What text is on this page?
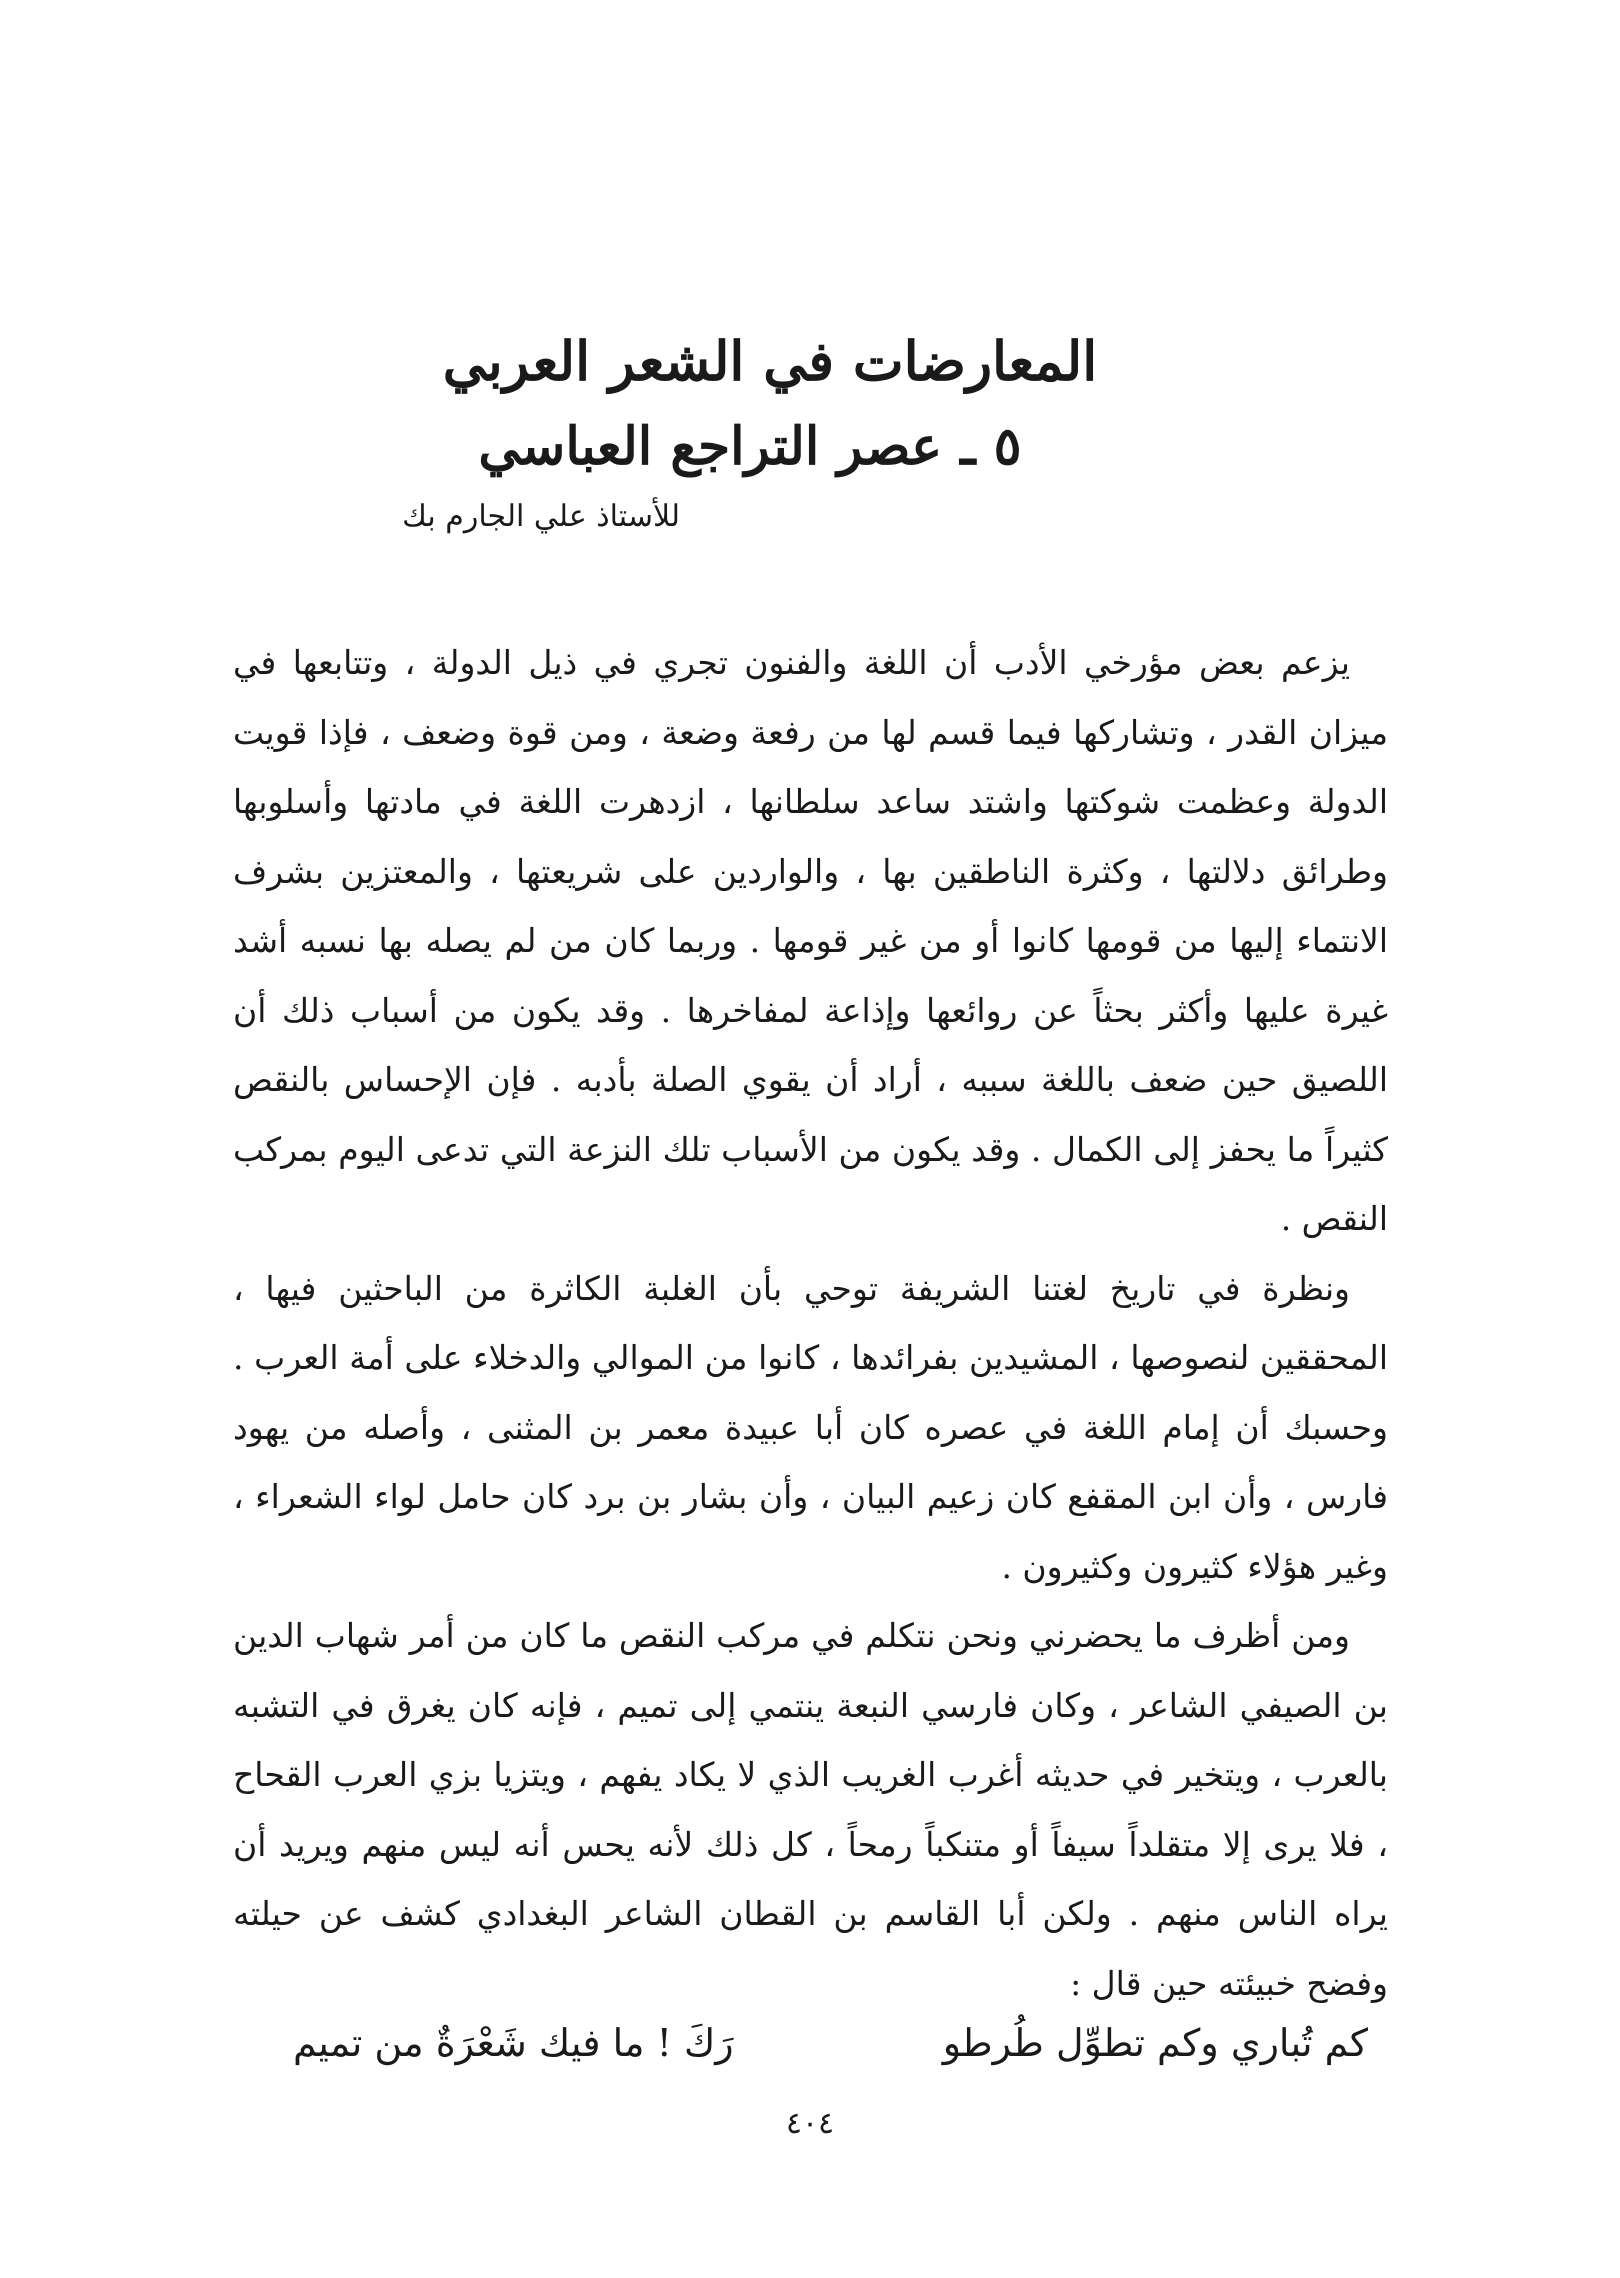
المعارضات في الشعر العربي
٥ ـ عصر التراجع العباسي
للأستاذ علي الجارم بك

يزعم بعض مؤرخي الأدب أن اللغة والفنون تجري في ذيل الدولة ، وتتابعها في ميزان القدر ، وتشاركها فيما قسم لها من رفعة وضعة ، ومن قوة وضعف ، فإذا قويت الدولة وعظمت شوكتها واشتد ساعد سلطانها ، ازدهرت اللغة في مادتها وأسلوبها وطرائق دلالتها ، وكثرة الناطقين بها ، والواردين على شريعتها ، والمعتزين بشرف الانتماء إليها من قومها كانوا أو من غير قومها . وربما كان من لم يصله بها نسبه أشد غيرة عليها وأكثر بحثاً عن روائعها وإذاعة لمفاخرها . وقد يكون من أسباب ذلك أن اللصيق حين ضعف باللغة سببه ، أراد أن يقوي الصلة بأدبه . فإن الإحساس بالنقص كثيراً ما يحفز إلى الكمال . وقد يكون من الأسباب تلك النزعة التي تدعى اليوم بمركب النقص .

ونظرة في تاريخ لغتنا الشريفة توحي بأن الغلبة الكاثرة من الباحثين فيها ، المحققين لنصوصها ، المشيدين بفرائدها ، كانوا من الموالي والدخلاء على أمة العرب . وحسبك أن إمام اللغة في عصره كان أبا عبيدة معمر بن المثنى ، وأصله من يهود فارس ، وأن ابن المقفع كان زعيم البيان ، وأن بشار بن برد كان حامل لواء الشعراء ، وغير هؤلاء كثيرون وكثيرون .

ومن أظرف ما يحضرني ونحن نتكلم في مركب النقص ما كان من أمر شهاب الدين بن الصيفي الشاعر ، وكان فارسي النبعة ينتمي إلى تميم ، فإنه كان يغرق في التشبه بالعرب ، ويتخير في حديثه أغرب الغريب الذي لا يكاد يفهم ، ويتزيا بزي العرب القحاح ، فلا يرى إلا متقلداً سيفاً أو متنكباً رمحاً ، كل ذلك لأنه يحس أنه ليس منهم ويريد أن يراه الناس منهم . ولكن أبا القاسم بن القطان الشاعر البغدادي كشف عن حيلته وفضح خبيئته حين قال :

كم تُباري وكم تطوِّل طُرطو
رَكَ ! ما فيك شَعْرَةٌ من تميم
٤٠٤
